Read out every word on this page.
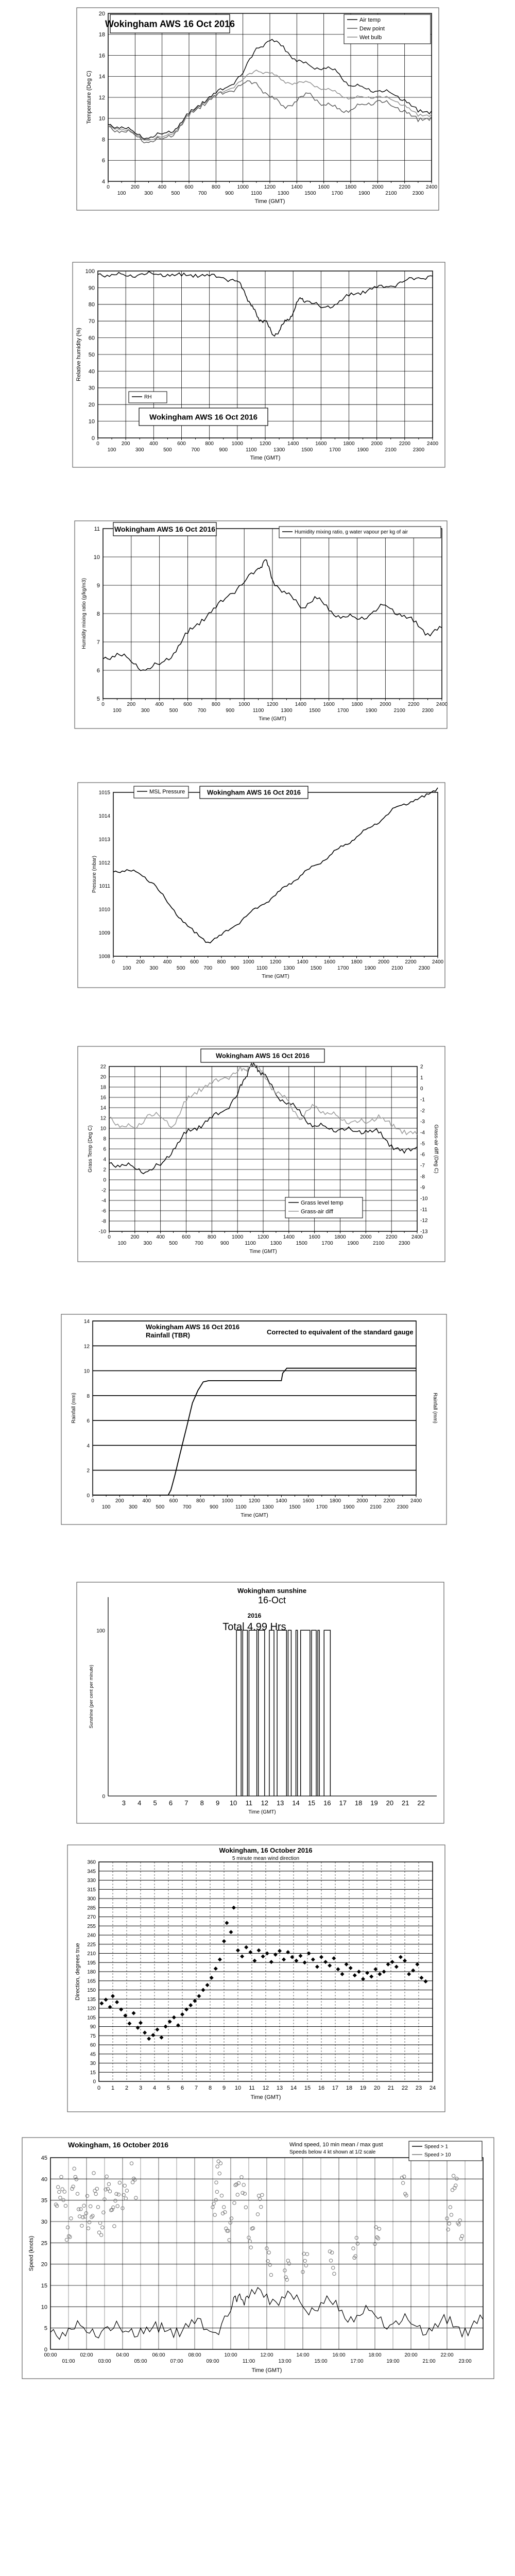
4
6
8
10
12
14
16
18
20
0	200	400	600	800	1000	1200	1400	1600	1800	2000	2200	2400
100	300	500	700	900	1100	1300	1500	1700	1900	2100	2300
Time (GMT)
Temperature (Deg C)
Wokingham AWS 16 Oct 2016	Air temp
Dew point
Wet bulb
0
10
20
30
40
50
60
70
80
90
100
0	200	400	600	800	1000	1200	1400	1600	1800	2000	2200	2400
100	300	500	700	900	1100	1300	1500	1700	1900	2100	2300
Time (GMT)
Relative humidity (%)
RH
Wokingham AWS 16 Oct 2016
5
6
7
8
9
10
11
0	200	400	600	800	1000	1200	1400	1600	1800	2000	2200	2400
100	300	500	700	900	1100	1300	1500	1700	1900	2100	2300
Time (GMT)
Humidity mixing ratio (g/kg/m3)
Wokingham AWS 16 Oct 2016	Humidity mixing ratio, g water vapour per kg of air
1008
1009
1010
1011
1012
1013
1014
1015
0	200	400	600	800	1000	1200	1400	1600	1800	2000	2200	2400
100	300	500	700	900	1100	1300	1500	1700	1900	2100	2300
Time (GMT)
Pressure (mbar)
MSL Pressure	Wokingham AWS 16 Oct 2016
-10
-8
-6
-4
-2
0
2
4
6
8
10
12
14
16
18
20
22
-13
-12
-11
-10
-9
-8
-7
-6
-5
-4
-3
-2
-1
0
1
2
0	200	400	600	800	1000	1200	1400	1600	1800	2000	2200	2400
100	300	500	700	900	1100	1300	1500	1700	1900	2100	2300
Time (GMT)
Grass Temp (Deg C)	Grass-air diff (Deg C)
Wokingham AWS 16 Oct 2016
Grass level temp
Grass-air diff
0
2
4
6
8
10
12
14
0	200	400	600	800	1000	1200	1400	1600	1800	2000	2200	2400
100	300	500	700	900	1100	1300	1500	1700	1900	2100	2300
Time (GMT)
Rainfall (mm)	Rainfall (mm)
Wokingham AWS 16 Oct 2016
Rainfall (TBR)	Corrected to equivalent of the standard gauge
0
100
3 4 5 6 7 8 9 10 11 12 13 14 15 16 17 18 19 20 21 22
Time (GMT)
Sunshine (per cent per minute)
Wokingham sunshine
16-Oct
2016
Total 4.99 Hrs
0
15
30
45
60
75
90
105
120
135
150
165
180
195
210
225
240
255
270
285
300
315
330
345
360
0 1 2 3 4 5 6 7 8 9 10 11 12 13 14 15 16 17 18 19 20 21 22 23 24
Time (GMT)
Direction, degrees true
Wokingham, 16 October 2016
5 minute mean wind direction
0
5
10
15
20
25
30
35
40
45
00:00	02:00	04:00	06:00	08:00	10:00	12:00	14:00	16:00	18:00	20:00	22:00
01:00	03:00	05:00	07:00	09:00	11:00	13:00	15:00	17:00	19:00	21:00	23:00
Time (GMT)
Speed (knots)
Wokingham, 16 October 2016	Wind speed, 10 min mean / max gust
Speeds below 4 kt shown at 1/2 scale
Speed > 1
Speed > 10
